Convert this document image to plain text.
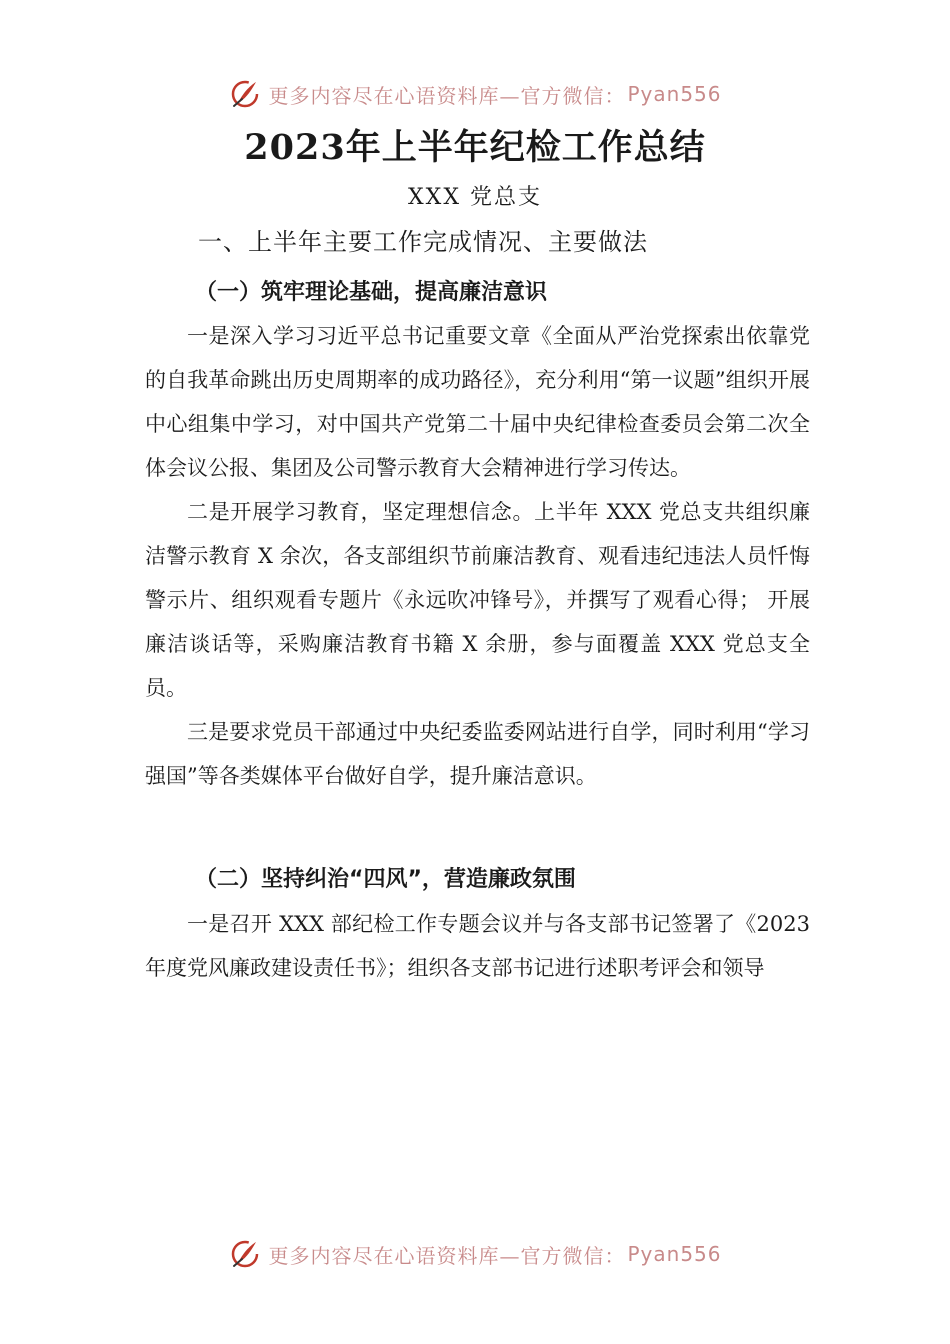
更多内容尽在心语资料库—官方微信： Pyan556
2023年上半年纪检工作总结
XXX 党总支
一、上半年主要工作完成情况、主要做法
（一）筑牢理论基础，提高廉洁意识

一是深入学习习近平总书记重要文章《全面从严治党探索出依靠党的自我革命跳出历史周期率的成功路径》，充分利用“第一议题”组织开展中心组集中学习，对中国共产党第二十届中央纪律检查委员会第二次全体会议公报、集团及公司警示教育大会精神进行学习传达。

二是开展学习教育，坚定理想信念。上半年 XXX 党总支共组织廉洁警示教育 X 余次，各支部组织节前廉洁教育、观看违纪违法人员忏悔警示片、组织观看专题片《永远吹冲锋号》，并撰写了观看心得； 开展廉洁谈话等，采购廉洁教育书籍 X 余册，参与面覆盖 XXX 党总支全员。

三是要求党员干部通过中央纪委监委网站进行自学，同时利用“学习强国”等各类媒体平台做好自学，提升廉洁意识。

（二）坚持纠治“四风”，营造廉政氛围

一是召开 XXX 部纪检工作专题会议并与各支部书记签署了《2023年度党风廉政建设责任书》；组织各支部书记进行述职考评会和领导

更多内容尽在心语资料库—官方微信： Pyan556
